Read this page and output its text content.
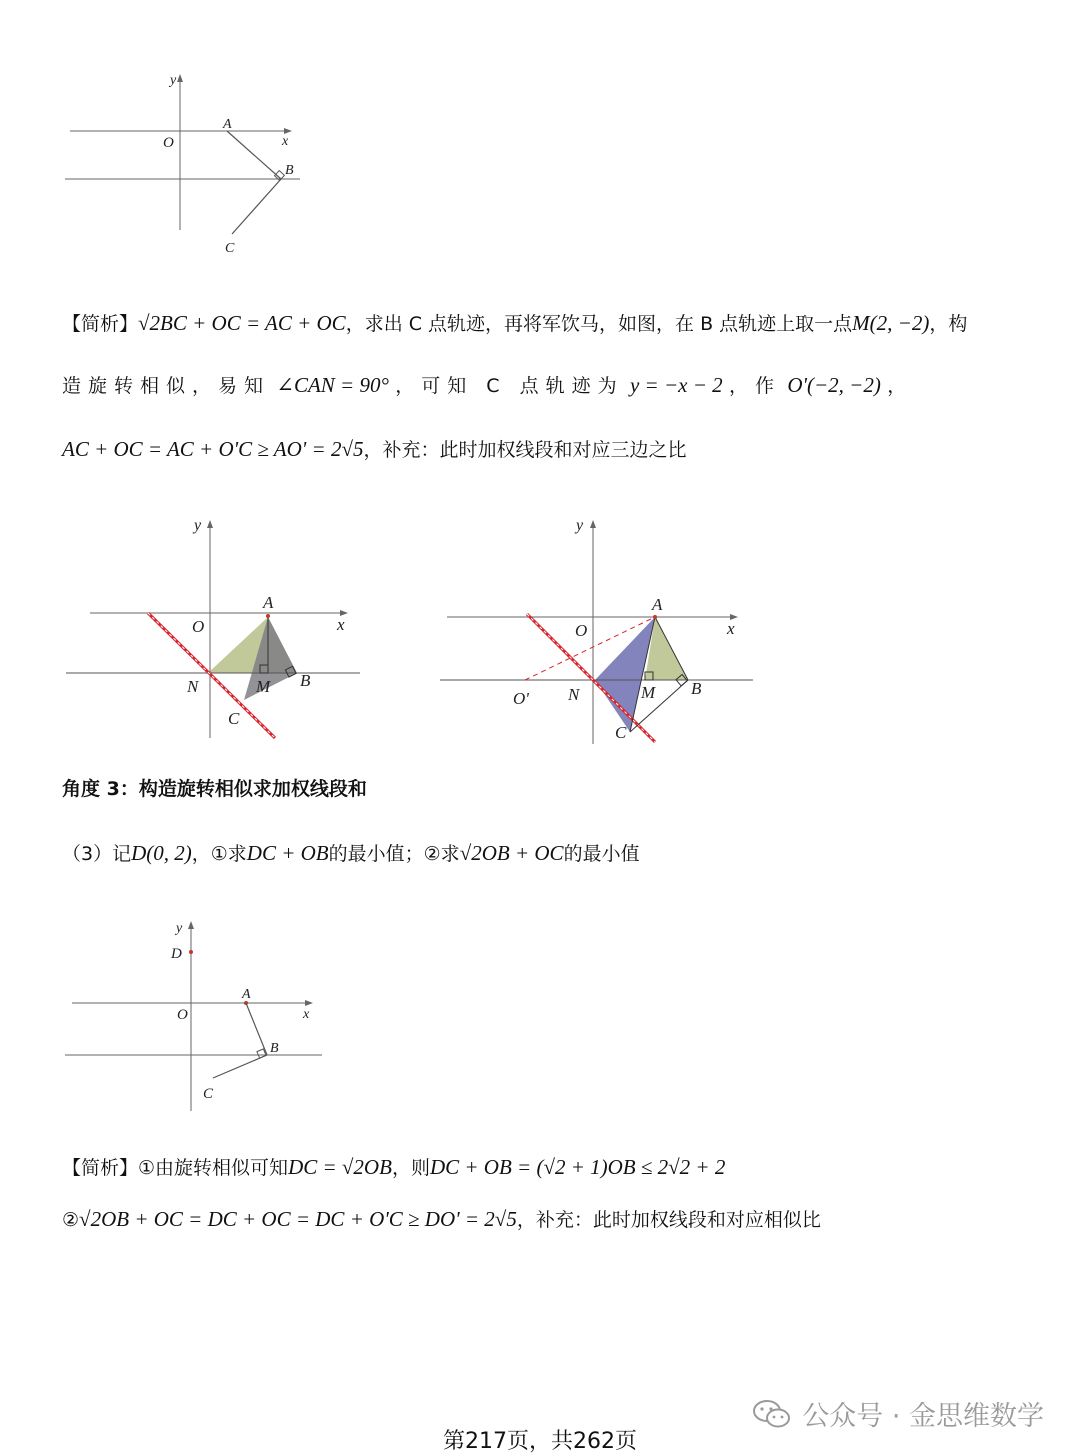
y
O
A
x
B
C
【简析】√2BC + OC = AC + OC，求出 C 点轨迹，再将军饮马，如图，在 B 点轨迹上取一点M(2, −2)，构
造旋转相似，易知 ∠CAN = 90° ，可知 C 点轨迹为 y = −x − 2 ，作 O'(−2, −2) ，
AC + OC = AC + O'C ≥ AO' = 2√5，补充：此时加权线段和对应三边之比
y
A
O	x
N	M B
C
y
A
O	x
O' N	M B
C
角度 3：构造旋转相似求加权线段和
（3）记D(0, 2)，①求DC + OB的最小值；②求√2OB + OC的最小值
y
D
A
O	x
B
C
【简析】①由旋转相似可知DC = √2OB，则DC + OB = (√2 + 1)OB ≤ 2√2 + 2
②√2OB + OC = DC + OC = DC + O'C ≥ DO' = 2√5，补充：此时加权线段和对应相似比
公众号 · 金思维数学
第217页，共262页
